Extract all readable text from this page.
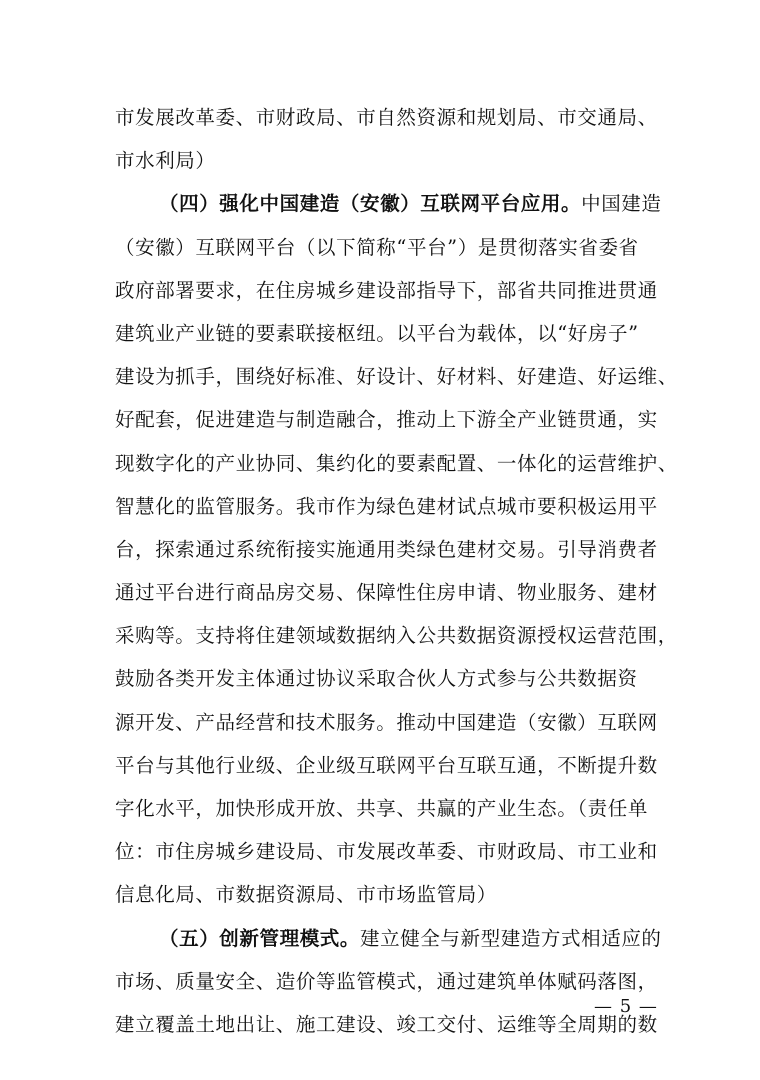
市发展改革委、市财政局、市自然资源和规划局、市交通局、
市水利局）
（四）强化中国建造（安徽）互联网平台应用。中国建造
（安徽）互联网平台（以下简称“平台”）是贯彻落实省委省
政府部署要求，在住房城乡建设部指导下，部省共同推进贯通
建筑业产业链的要素联接枢纽。以平台为载体，以“好房子”
建设为抓手，围绕好标准、好设计、好材料、好建造、好运维、
好配套，促进建造与制造融合，推动上下游全产业链贯通，实
现数字化的产业协同、集约化的要素配置、一体化的运营维护、
智慧化的监管服务。我市作为绿色建材试点城市要积极运用平
台，探索通过系统衔接实施通用类绿色建材交易。引导消费者
通过平台进行商品房交易、保障性住房申请、物业服务、建材
采购等。支持将住建领域数据纳入公共数据资源授权运营范围，
鼓励各类开发主体通过协议采取合伙人方式参与公共数据资
源开发、产品经营和技术服务。推动中国建造（安徽）互联网
平台与其他行业级、企业级互联网平台互联互通，不断提升数
字化水平，加快形成开放、共享、共赢的产业生态。（责任单
位：市住房城乡建设局、市发展改革委、市财政局、市工业和
信息化局、市数据资源局、市市场监管局）
（五）创新管理模式。建立健全与新型建造方式相适应的
市场、质量安全、造价等监管模式，通过建筑单体赋码落图，
建立覆盖土地出让、施工建设、竣工交付、运维等全周期的数
— 5 —
